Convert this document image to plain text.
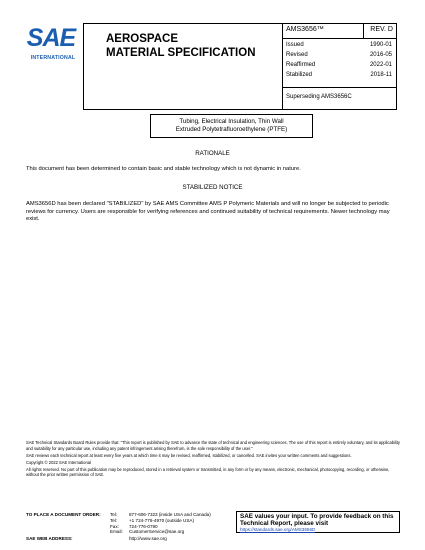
SAE
INTERNATIONAL
AEROSPACE
MATERIAL SPECIFICATION
AMS3656™	REV. D
Issued	1990-01
Revised	2016-05
Reaffirmed	2022-01
Stabilized	2018-11
Superseding AMS3656C
Tubing, Electrical Insulation, Thin Wall
Extruded Polytetrafluoroethylene (PTFE)
RATIONALE
This document has been determined to contain basic and stable technology which is not dynamic in nature.
STABILIZED NOTICE
AMS3656D has been declared "STABILIZED" by SAE AMS Committee AMS P Polymeric Materials and will no longer be subjected to periodic reviews for currency. Users are responsible for verifying references and continued suitability of technical requirements. Newer technology may exist.

SAE Technical Standards Board Rules provide that: "This report is published by SAE to advance the state of technical and engineering sciences. The use of this report is entirely voluntary, and its applicability and suitability for any particular use, including any patent infringement arising therefrom, is the sole responsibility of the user."

SAE reviews each technical report at least every five years at which time it may be revised, reaffirmed, stabilized, or cancelled. SAE invites your written comments and suggestions.

Copyright © 2022 SAE International

All rights reserved. No part of this publication may be reproduced, stored in a retrieval system or transmitted, in any form or by any means, electronic, mechanical, photocopying, recording, or otherwise, without the prior written permission of SAE.

TO PLACE A DOCUMENT ORDER: Tel:	877-606-7323 (inside USA and Canada)
Tel:	+1 724-776-4970 (outside USA)
Fax: 724-776-0790
Email: CustomerService@sae.org
SAE WEB ADDRESS:	http://www.sae.org
SAE values your input. To provide feedback on this
Technical Report, please visit
https://standards.sae.org/AMS3656D
